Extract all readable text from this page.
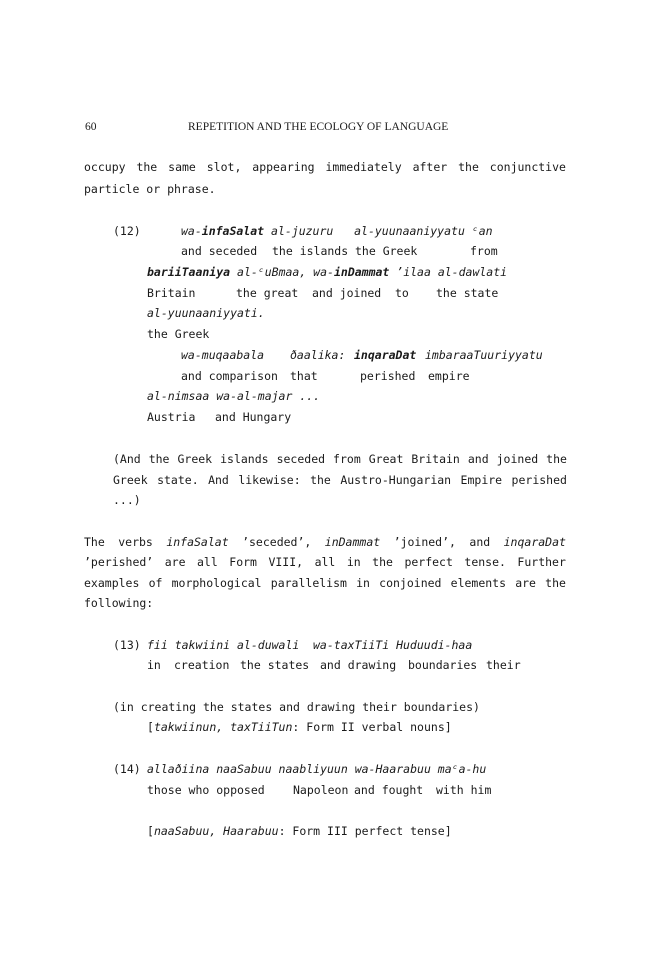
60	REPETITION AND THE ECOLOGY OF LANGUAGE
occupy the same slot, appearing immediately after the conjunctive
particle or phrase.
(12)	wa-infaSalat al-juzuru   al-yuunaaniyyatu ᶜan
and seceded the islands the Greek	from
bariiTaaniya al-ᶜuBmaa, wa-inDammat ’ilaa al-dawlati
Britain	the great and joined to the state
al-yuunaaniyyati.
the Greek
wa-muqaabala ðaalika: inqaraDat imbaraaTuuriyyatu
and comparison that	perished empire
al-nimsaa wa-al-majar ...
Austria and Hungary
(And the Greek islands seceded from Great Britain and joined the
Greek state. And likewise: the Austro-Hungarian Empire perished
...)
The verbs infaSalat ’seceded’, inDammat ’joined’, and inqaraDat
’perished’ are all Form VIII, all in the perfect tense. Further
examples of morphological parallelism in conjoined elements are the
following:
(13) fii takwiini al-duwali wa-taxTiiTi Huduudi-haa
in creation the states and drawing boundaries their
(in creating the states and drawing their boundaries)
[takwiinun, taxTiiTun: Form II verbal nouns]
(14) allaðiina naaSabuu naabliyuun wa-Haarabuu maᶜa-hu
those who opposed Napoleon and fought with him
[naaSabuu, Haarabuu: Form III perfect tense]
